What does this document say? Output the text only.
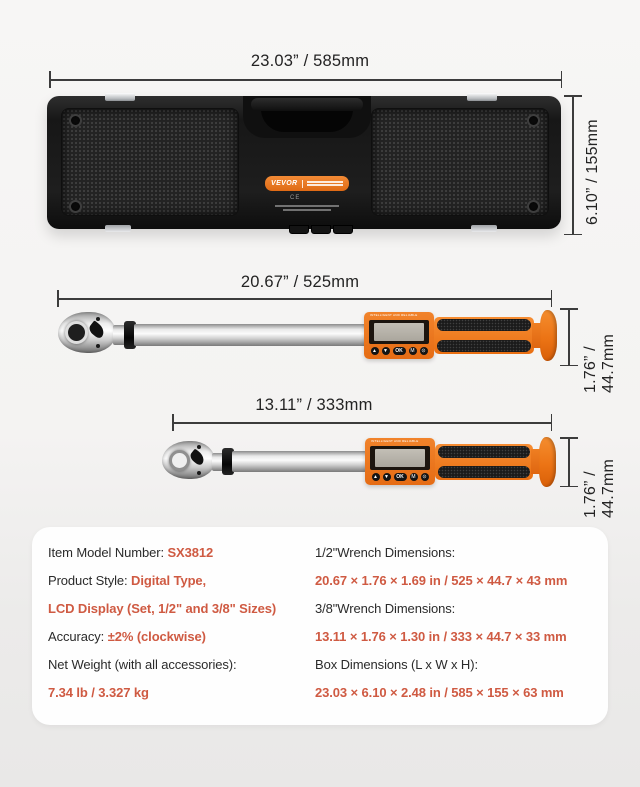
23.03” / 585mm
VEVOR
CE	6.10” / 155mm
20.67” / 525mm
INTELLIGENT AND RELIABLE
▲	▼	OK	M	⊙	1.76” / 44.7mm
13.11” / 333mm
INTELLIGENT AND RELIABLE
▲	▼	OK	M	⊙	1.76” / 44.7mm
Item Model Number: SX3812
Product Style: Digital Type,
LCD Display (Set, 1/2" and 3/8" Sizes)
Accuracy: ±2% (clockwise)
Net Weight (with all accessories):
7.34 lb / 3.327 kg
1/2"Wrench Dimensions:
20.67 × 1.76 × 1.69 in / 525 × 44.7 × 43 mm
3/8"Wrench Dimensions:
13.11 × 1.76 × 1.30 in / 333 × 44.7 × 33 mm
Box Dimensions (L x W x H):
23.03 × 6.10 × 2.48 in / 585 × 155 × 63 mm
